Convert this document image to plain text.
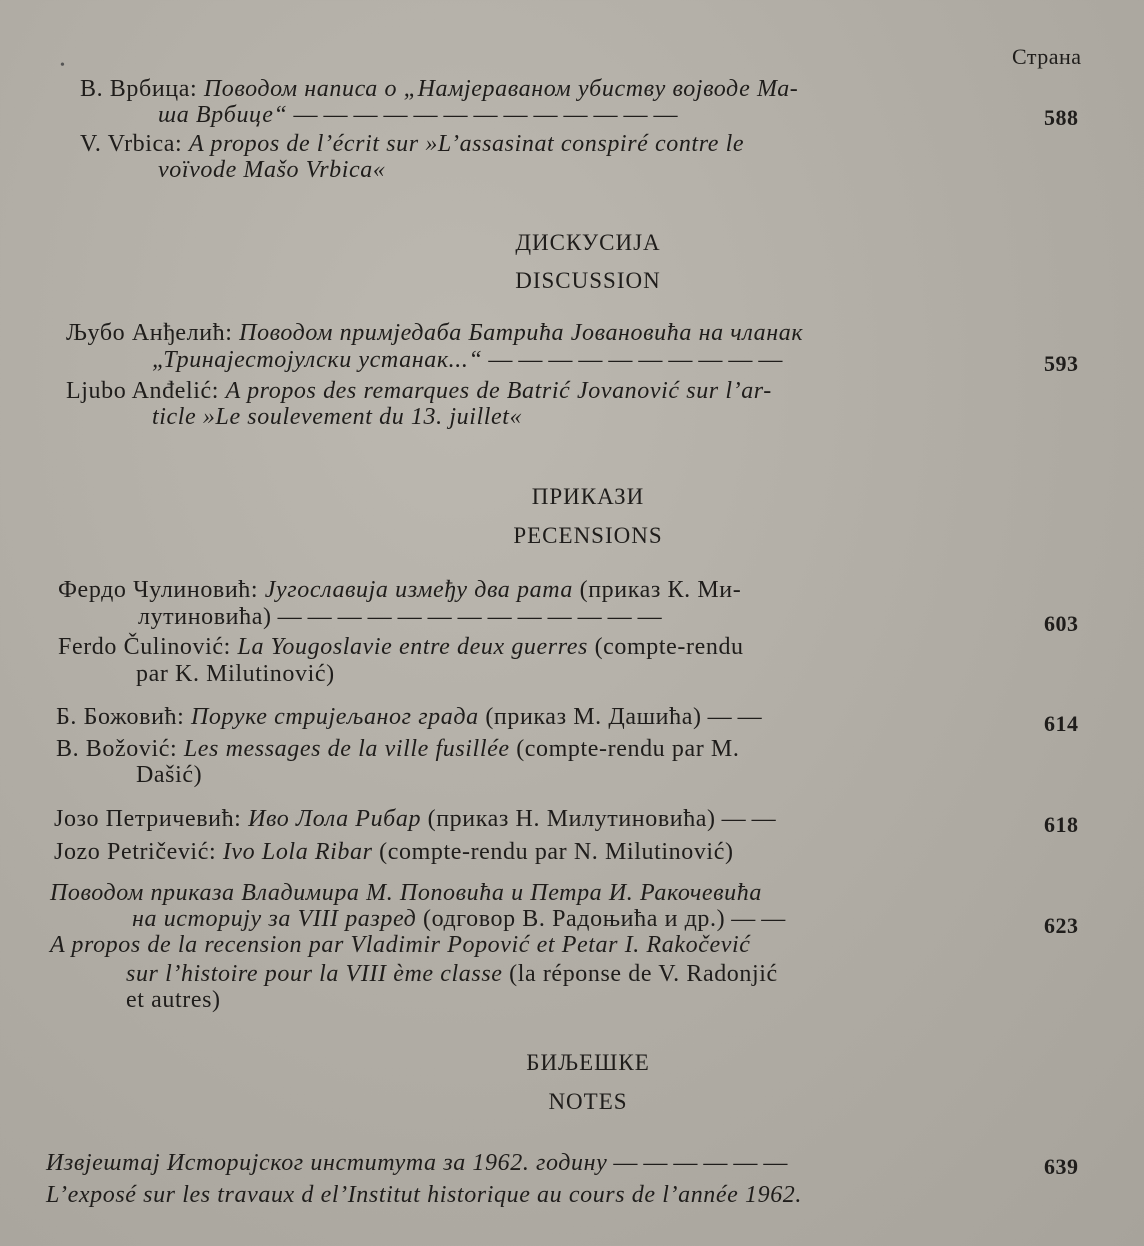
•	Страна
В. Врбица: Поводом написа о „Намјераваном убиству војводе Ма-
ша Врбице“ — — — — — — — — — — — — —	588
V. Vrbica: A propos de l’écrit sur »L’assasinat conspiré contre le
voïvode Mašo Vrbica«
ДИСКУСИЈА
DISCUSSION
Љубо Анђелић: Поводом примједаба Батрића Јовановића на чланак
„Тринајестојулски устанак...“ — — — — — — — — — —	593
Ljubo Anđelić: A propos des remarques de Batrić Jovanović sur l’ar-
ticle »Le soulevement du 13. juillet«
ПРИКАЗИ
PECENSIONS
Фердо Чулиновић: Југославија између два рата (приказ К. Ми-
лутиновића) — — — — — — — — — — — — —	603
Ferdo Čulinović: La Yougoslavie entre deux guerres (compte-rendu
par K. Milutinović)
Б. Божовић: Поруке стријељаног града (приказ М. Дашића) — —	614
B. Božović: Les messages de la ville fusillée (compte-rendu par M.
Dašić)
Јозо Петричевић: Иво Лола Рибар (приказ Н. Милутиновића) — —	618
Jozo Petričević: Ivo Lola Ribar (compte-rendu par N. Milutinović)
Поводом приказа Владимира М. Поповића и Петра И. Ракочевића
на историју за VIII разред (одговор В. Радоњића и др.) — —	623
A propos de la recension par Vladimir Popović et Petar I. Rakočević
sur l’histoire pour la VIII ème classe (la réponse de V. Radonjić
et autres)
БИЉЕШКЕ
NOTES
Извјештај Историјског института за 1962. годину — — — — — —	639
L’exposé sur les travaux d el’Institut historique au cours de l’année 1962.
